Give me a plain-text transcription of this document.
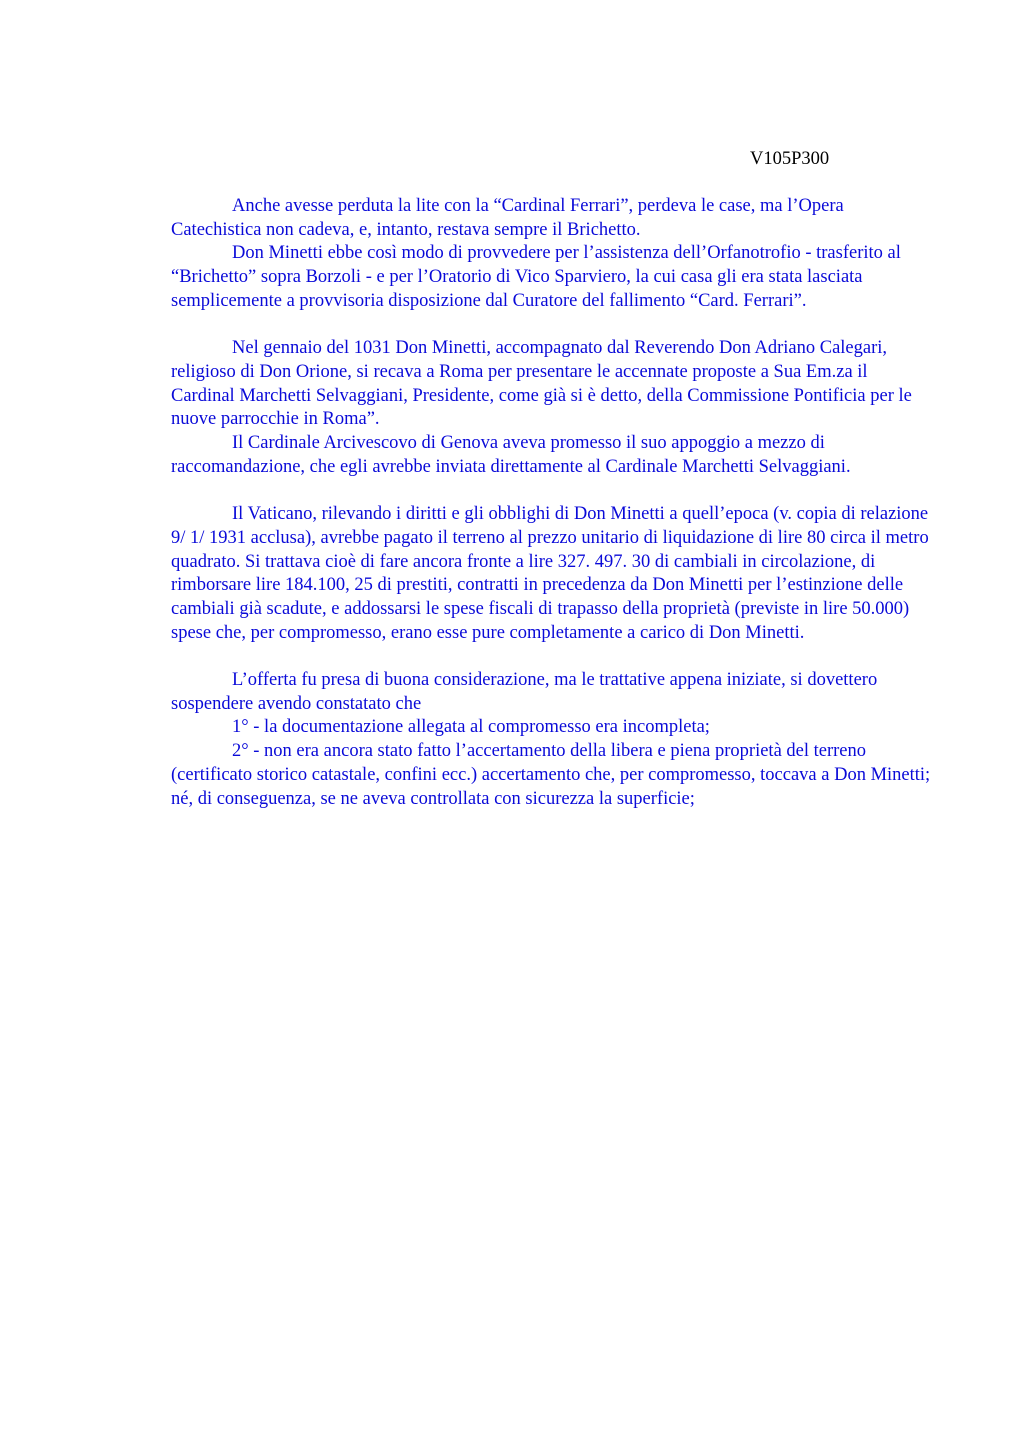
V105P300

Anche avesse perduta la lite con la “Cardinal Ferrari”, perdeva le case, ma l’Opera Catechistica non cadeva, e, intanto, restava sempre il Brichetto.

Don Minetti ebbe così modo di provvedere per l’assistenza dell’Orfanotrofio - trasferito al “Brichetto” sopra Borzoli - e per l’Oratorio di Vico Sparviero, la cui casa gli era stata lasciata semplicemente a provvisoria disposizione dal Curatore del fallimento “Card. Ferrari”.

Nel gennaio del 1031 Don Minetti, accompagnato dal Reverendo Don Adriano Calegari, religioso di Don Orione, si recava a Roma per presentare le accennate proposte a Sua Em.za il Cardinal Marchetti Selvaggiani, Presidente, come già si è detto, della Commissione Pontificia per le nuove parrocchie in Roma”.

Il Cardinale Arcivescovo di Genova aveva promesso il suo appoggio a mezzo di raccomandazione, che egli avrebbe inviata direttamente al Cardinale Marchetti Selvaggiani.

Il Vaticano, rilevando i diritti e gli obblighi di Don Minetti a quell’epoca (v. copia di relazione 9/ 1/ 1931 acclusa), avrebbe pagato il terreno al prezzo unitario di liquidazione di lire 80 circa il metro quadrato. Si trattava cioè di fare ancora fronte a lire 327. 497. 30 di cambiali in circolazione, di rimborsare lire 184.100, 25 di prestiti, contratti in precedenza da Don Minetti per l’estinzione delle cambiali già scadute, e addossarsi le spese fiscali di trapasso della proprietà (previste in lire 50.000) spese che, per compromesso, erano esse pure completamente a carico di Don Minetti.

L’offerta fu presa di buona considerazione, ma le trattative appena iniziate, si dovettero sospendere avendo constatato che

1° - la documentazione allegata al compromesso era incompleta;

2° - non era ancora stato fatto l’accertamento della libera e piena proprietà del terreno (certificato storico catastale, confini ecc.) accertamento che, per compromesso, toccava a Don Minetti; né, di conseguenza, se ne aveva controllata con sicurezza la superficie;
